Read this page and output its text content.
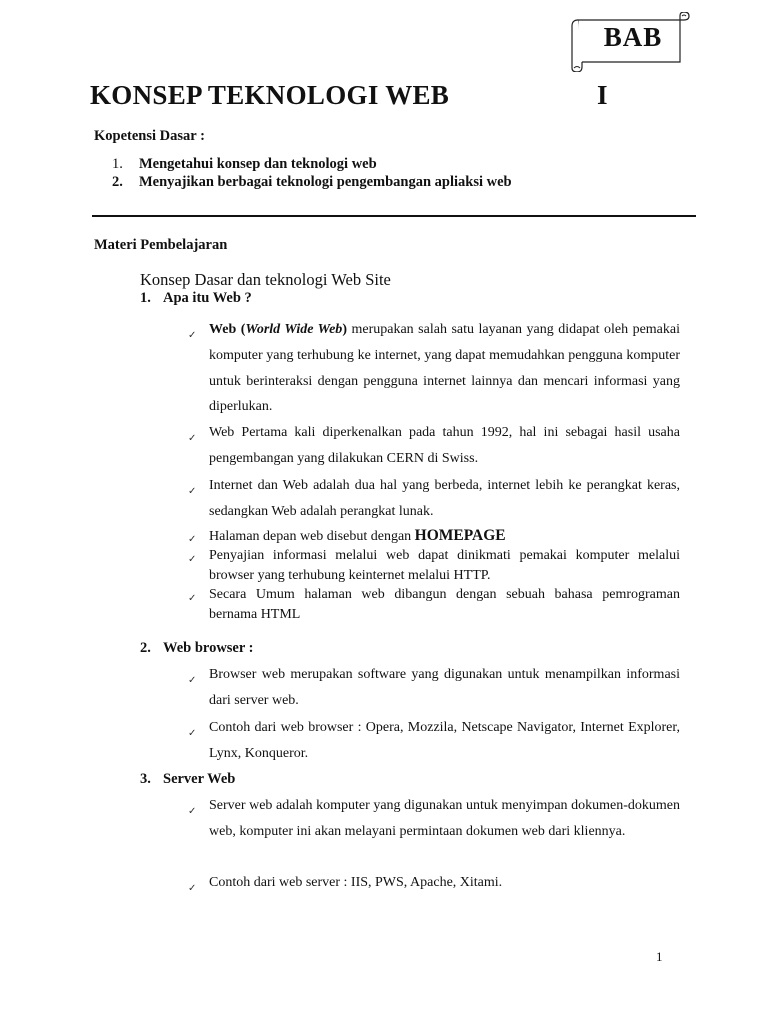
BAB
KONSEP TEKNOLOGI WEB	I
Kopetensi Dasar :
1.	Mengetahui konsep dan teknologi web
2.	Menyajikan berbagai teknologi pengembangan apliaksi web
Materi Pembelajaran
Konsep Dasar dan teknologi Web Site
1. Apa itu Web ?
✓ Web (World Wide Web) merupakan salah satu layanan yang didapat oleh pemakai komputer yang terhubung ke internet, yang dapat memudahkan pengguna komputer untuk berinteraksi dengan pengguna internet lainnya dan mencari informasi yang diperlukan.
✓ Web Pertama kali diperkenalkan pada tahun 1992, hal ini sebagai hasil usaha pengembangan yang dilakukan CERN di Swiss.
✓ Internet dan Web adalah dua hal yang berbeda, internet lebih ke perangkat keras, sedangkan Web adalah perangkat lunak.
✓ Halaman depan web disebut dengan HOMEPAGE
✓ Penyajian informasi melalui web dapat dinikmati pemakai komputer melalui browser yang terhubung keinternet melalui HTTP.
✓ Secara Umum halaman web dibangun dengan sebuah bahasa pemrograman bernama HTML
2. Web browser :
✓ Browser web merupakan software yang digunakan untuk menampilkan informasi dari server web.
✓ Contoh dari web browser : Opera, Mozzila, Netscape Navigator, Internet Explorer, Lynx, Konqueror.
3. Server Web
✓ Server web adalah komputer yang digunakan untuk menyimpan dokumen-dokumen web, komputer ini akan melayani permintaan dokumen web dari kliennya.
✓ Contoh dari web server : IIS, PWS, Apache, Xitami.
1
